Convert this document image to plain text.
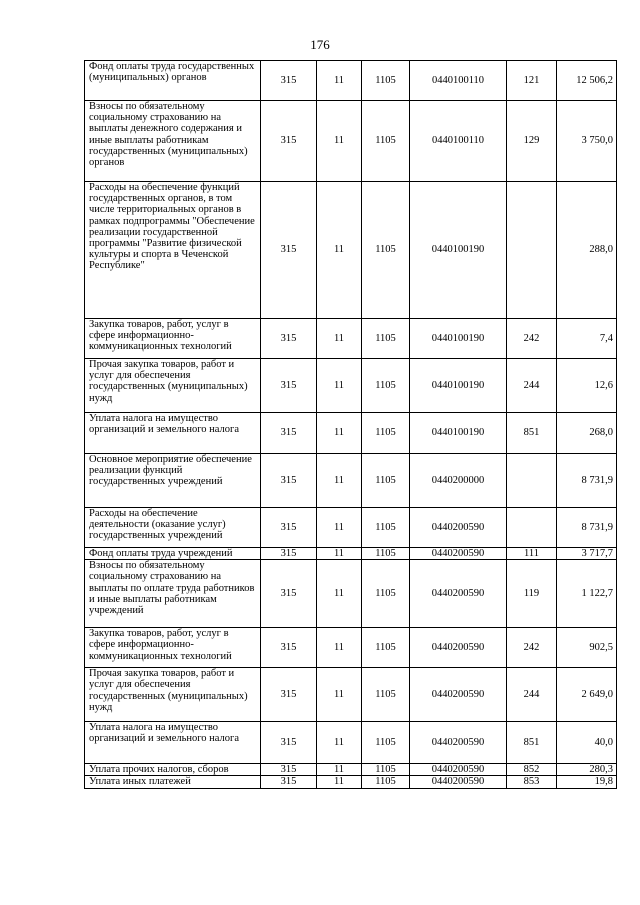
176
Фонд оплаты труда государственных (муниципальных) органов	315	11	1105	0440100110	121	12 506,2
Взносы по обязательному социальному страхованию на выплаты денежного содержания и иные выплаты работникам государственных (муниципальных) органов	315	11	1105	0440100110	129	3 750,0
Расходы на обеспечение функций государственных органов, в том числе территориальных органов в рамках подпрограммы "Обеспечение реализации государственной программы "Развитие физической культуры и спорта в Чеченской Республике"	315	11	1105	0440100190		288,0
Закупка товаров, работ, услуг в сфере информационно-коммуникационных технологий	315	11	1105	0440100190	242	7,4
Прочая закупка товаров, работ и услуг для обеспечения государственных (муниципальных) нужд	315	11	1105	0440100190	244	12,6
Уплата налога на имущество организаций и земельного налога	315	11	1105	0440100190	851	268,0
Основное мероприятие обеспечение реализации функций государственных учреждений	315	11	1105	0440200000		8 731,9
Расходы на обеспечение деятельности (оказание услуг) государственных учреждений	315	11	1105	0440200590		8 731,9
Фонд оплаты труда учреждений	315	11	1105	0440200590	111	3 717,7
Взносы по обязательному социальному страхованию на выплаты по оплате труда работников и иные выплаты работникам учреждений	315	11	1105	0440200590	119	1 122,7
Закупка товаров, работ, услуг в сфере информационно-коммуникационных технологий	315	11	1105	0440200590	242	902,5
Прочая закупка товаров, работ и услуг для обеспечения государственных (муниципальных) нужд	315	11	1105	0440200590	244	2 649,0
Уплата налога на имущество организаций и земельного налога	315	11	1105	0440200590	851	40,0
Уплата прочих налогов, сборов	315	11	1105	0440200590	852	280,3
Уплата иных платежей	315	11	1105	0440200590	853	19,8
